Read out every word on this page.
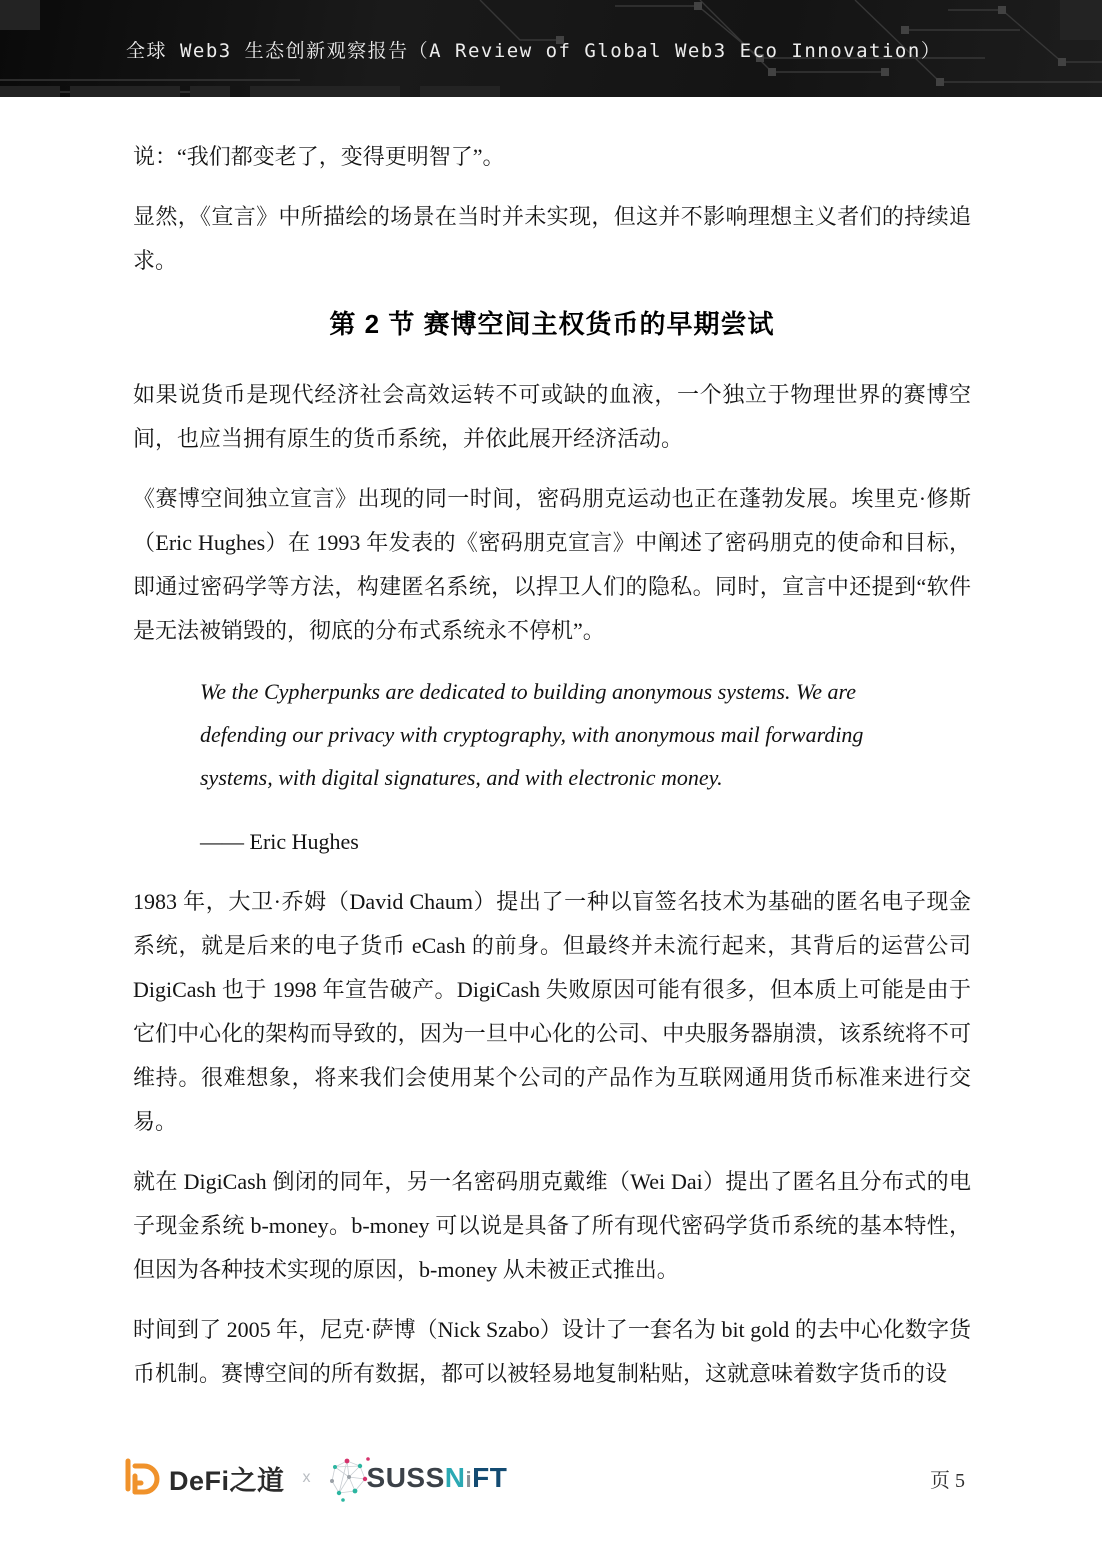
全球 Web3 生态创新观察报告（A Review of Global Web3 Eco Innovation）

说：“我们都变老了，变得更明智了”。

显然，《宣言》中所描绘的场景在当时并未实现，但这并不影响理想主义者们的持续追求。

第 2 节 赛博空间主权货币的早期尝试

如果说货币是现代经济社会高效运转不可或缺的血液，一个独立于物理世界的赛博空间，也应当拥有原生的货币系统，并依此展开经济活动。

《赛博空间独立宣言》出现的同一时间，密码朋克运动也正在蓬勃发展。埃里克·修斯（Eric Hughes）在 1993 年发表的《密码朋克宣言》中阐述了密码朋克的使命和目标，即通过密码学等方法，构建匿名系统，以捍卫人们的隐私。同时，宣言中还提到“软件是无法被销毁的，彻底的分布式系统永不停机”。

We the Cypherpunks are dedicated to building anonymous systems. We are defending our privacy with cryptography, with anonymous mail forwarding systems, with digital signatures, and with electronic money.

—— Eric Hughes

1983 年，大卫·乔姆（David Chaum）提出了一种以盲签名技术为基础的匿名电子现金系统，就是后来的电子货币 eCash 的前身。但最终并未流行起来，其背后的运营公司 DigiCash 也于 1998 年宣告破产。DigiCash 失败原因可能有很多，但本质上可能是由于它们中心化的架构而导致的，因为一旦中心化的公司、中央服务器崩溃，该系统将不可维持。很难想象，将来我们会使用某个公司的产品作为互联网通用货币标准来进行交易。

就在 DigiCash 倒闭的同年，另一名密码朋克戴维（Wei Dai）提出了匿名且分布式的电子现金系统 b-money。b-money 可以说是具备了所有现代密码学货币系统的基本特性，但因为各种技术实现的原因，b-money 从未被正式推出。

时间到了 2005 年，尼克·萨博（Nick Szabo）设计了一套名为 bit gold 的去中心化数字货币机制。赛博空间的所有数据，都可以被轻易地复制粘贴，这就意味着数字货币的设

DeFi之道 x SUSSNiFT	页 5
